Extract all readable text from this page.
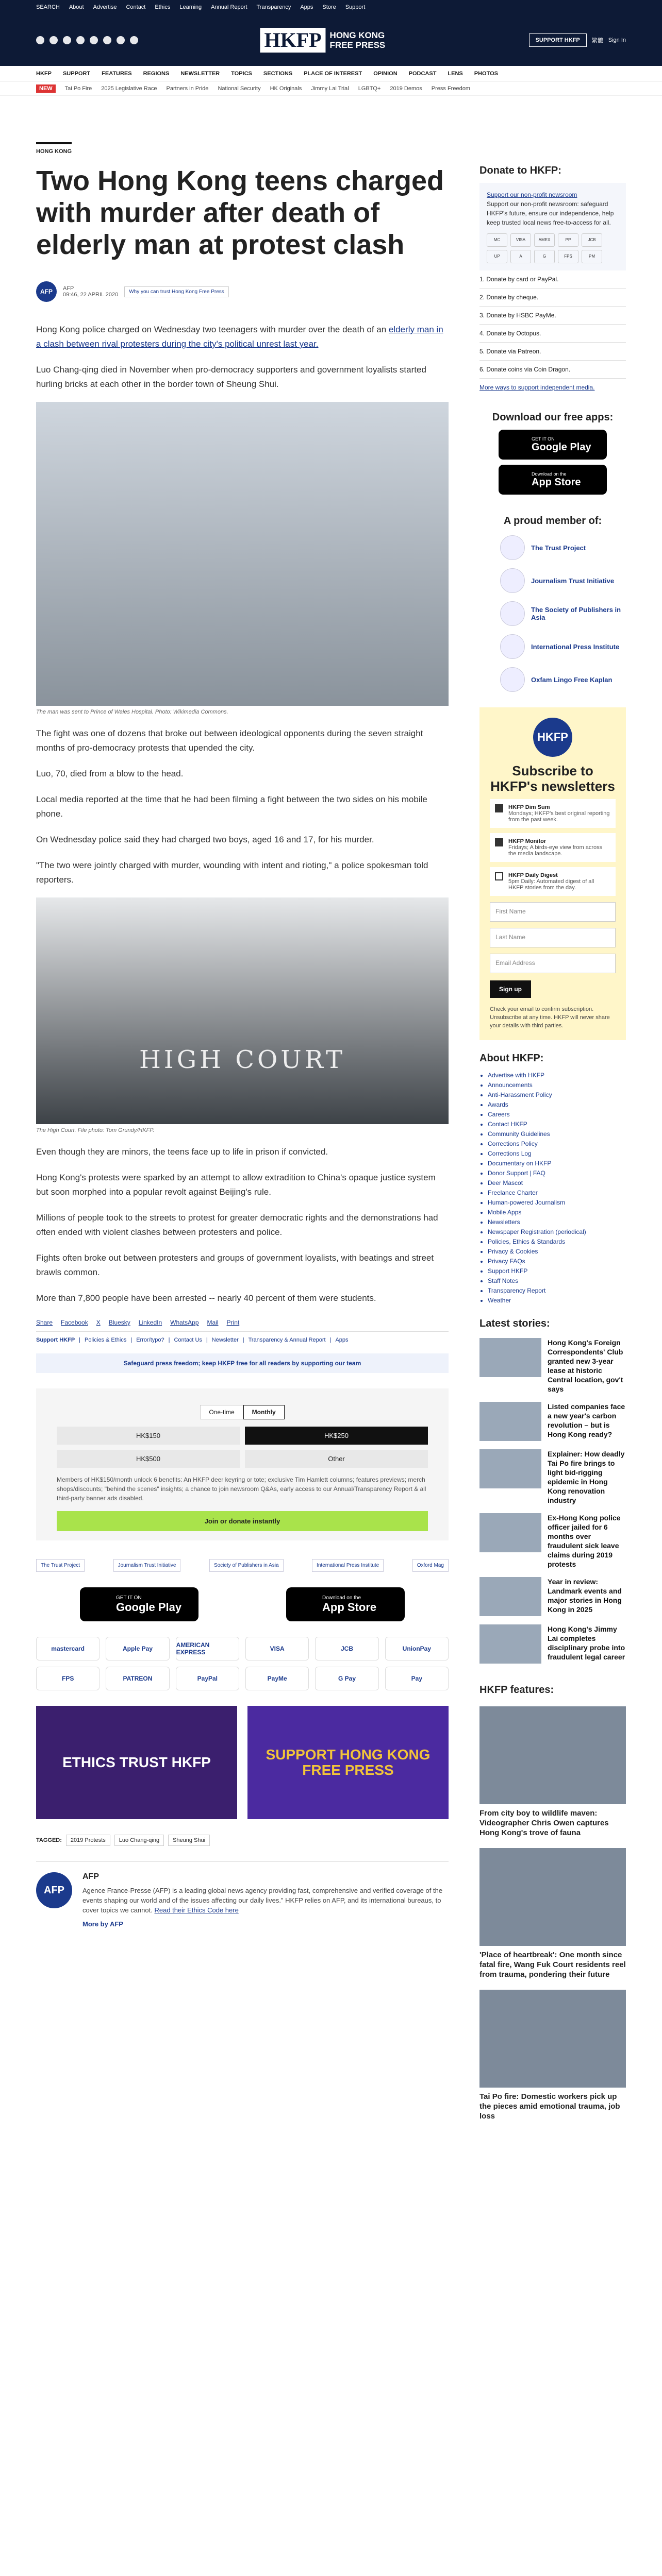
SEARCH About Advertise Contact Ethics Learning Annual Report Transparency Apps Store Support
HKFP HONG KONG FREE PRESS	SUPPORT HKFP	繁體 Sign In
HKFP SUPPORT FEATURES REGIONS NEWSLETTER TOPICS SECTIONS PLACE OF INTEREST OPINION PODCAST LENS PHOTOS
NEW	Tai Po Fire 2025 Legislative Race Partners in Pride National Security HK Originals Jimmy Lai Trial LGBTQ+ 2019 Demos Press Freedom
HONG KONG
Two Hong Kong teens charged with murder after death of elderly man at protest clash
AFP	AFP
09:46, 22 APRIL 2020	Why you can trust Hong Kong Free Press

Hong Kong police charged on Wednesday two teenagers with murder over the death of an elderly man in a clash between rival protesters during the city's political unrest last year.

Luo Chang-qing died in November when pro-democracy supporters and government loyalists started hurling bricks at each other in the border town of Sheung Shui.

The man was sent to Prince of Wales Hospital. Photo: Wikimedia Commons.

The fight was one of dozens that broke out between ideological opponents during the seven straight months of pro-democracy protests that upended the city.

Luo, 70, died from a blow to the head.

Local media reported at the time that he had been filming a fight between the two sides on his mobile phone.

On Wednesday police said they had charged two boys, aged 16 and 17, for his murder.

"The two were jointly charged with murder, wounding with intent and rioting," a police spokesman told reporters.

HIGH COURT
The High Court. File photo: Tom Grundy/HKFP.

Even though they are minors, the teens face up to life in prison if convicted.

Hong Kong's protests were sparked by an attempt to allow extradition to China's opaque justice system but soon morphed into a popular revolt against Beijing's rule.

Millions of people took to the streets to protest for greater democratic rights and the demonstrations had often ended with violent clashes between protesters and police.

Fights often broke out between protesters and groups of government loyalists, with beatings and street brawls common.

More than 7,800 people have been arrested -- nearly 40 percent of them were students.

Share Facebook X Bluesky LinkedIn WhatsApp Mail Print
Support HKFP | Policies & Ethics | Error/typo? | Contact Us | Newsletter | Transparency & Annual Report | Apps
Safeguard press freedom; keep HKFP free for all readers by supporting our team
One-time	Monthly
HK$150	HK$250
HK$500	Other
Members of HK$150/month unlock 6 benefits: An HKFP deer keyring or tote; exclusive Tim Hamlett columns; features previews; merch shops/discounts; "behind the scenes" insights; a chance to join newsroom Q&As, early access to our Annual/Transparency Report & all third-party banner ads disabled.
Join or donate instantly
The Trust Project	Journalism Trust Initiative	Society of Publishers in Asia	International Press Institute	Oxford Mag
GET IT ON
Google Play
Download on the
App Store
mastercard	Apple Pay	AMERICAN EXPRESS	VISA	JCB	UnionPay
FPS	PATREON	PayPal	PayMe	G Pay	Pay
ETHICS TRUST HKFP	SUPPORT HONG KONG FREE PRESS
TAGGED:	2019 Protests	Luo Chang-qing	Sheung Shui
AFP
AFP

Agence France-Presse (AFP) is a leading global news agency providing fast, comprehensive and verified coverage of the events shaping our world and of the issues affecting our daily lives." HKFP relies on AFP, and its international bureaus, to cover topics we cannot. Read their Ethics Code here

More by AFP

Donate to HKFP:
Support our non-profit newsroom

Support our non-profit newsroom: safeguard HKFP's future, ensure our independence, help keep trusted local news free-to-access for all.

MC	VISA	AMEX	PP	JCB
UP	A	G	FPS	PM
1. Donate by card or PayPal.
2. Donate by cheque.
3. Donate by HSBC PayMe.
4. Donate by Octopus.
5. Donate via Patreon.
6. Donate coins via Coin Dragon.
More ways to support independent media.
Download our free apps:
GET IT ON
Google Play
Download on the
App Store
A proud member of:
The Trust Project
Journalism Trust Initiative
The Society of Publishers in Asia
International Press Institute
Oxfam Lingo Free Kaplan
HKFP
Subscribe to HKFP's newsletters
HKFP Dim Sum
Mondays; HKFP's best original reporting from the past week.
HKFP Monitor
Fridays; A birds-eye view from across the media landscape.
HKFP Daily Digest
5pm Daily: Automated digest of all HKFP stories from the day.
First Name
Last Name
Email Address
Sign up
Check your email to confirm subscription. Unsubscribe at any time. HKFP will never share your details with third parties.
About HKFP:
• Advertise with HKFP
• Announcements
• Anti-Harassment Policy
• Awards
• Careers
• Contact HKFP
• Community Guidelines
• Corrections Policy
• Corrections Log
• Documentary on HKFP
• Donor Support | FAQ
• Deer Mascot
• Freelance Charter
• Human-powered Journalism
• Mobile Apps
• Newsletters
• Newspaper Registration (periodical)
• Policies, Ethics & Standards
• Privacy & Cookies
• Privacy FAQs
• Support HKFP
• Staff Notes
• Transparency Report
• Weather
Latest stories:
Hong Kong's Foreign Correspondents' Club granted new 3-year lease at historic Central location, gov't says
Listed companies face a new year's carbon revolution – but is Hong Kong ready?
Explainer: How deadly Tai Po fire brings to light bid-rigging epidemic in Hong Kong renovation industry
Ex-Hong Kong police officer jailed for 6 months over fraudulent sick leave claims during 2019 protests
Year in review: Landmark events and major stories in Hong Kong in 2025
Hong Kong's Jimmy Lai completes disciplinary probe into fraudulent legal career
HKFP features:
From city boy to wildlife maven: Videographer Chris Owen captures Hong Kong's trove of fauna
'Place of heartbreak': One month since fatal fire, Wang Fuk Court residents reel from trauma, pondering their future
Tai Po fire: Domestic workers pick up the pieces amid emotional trauma, job loss
